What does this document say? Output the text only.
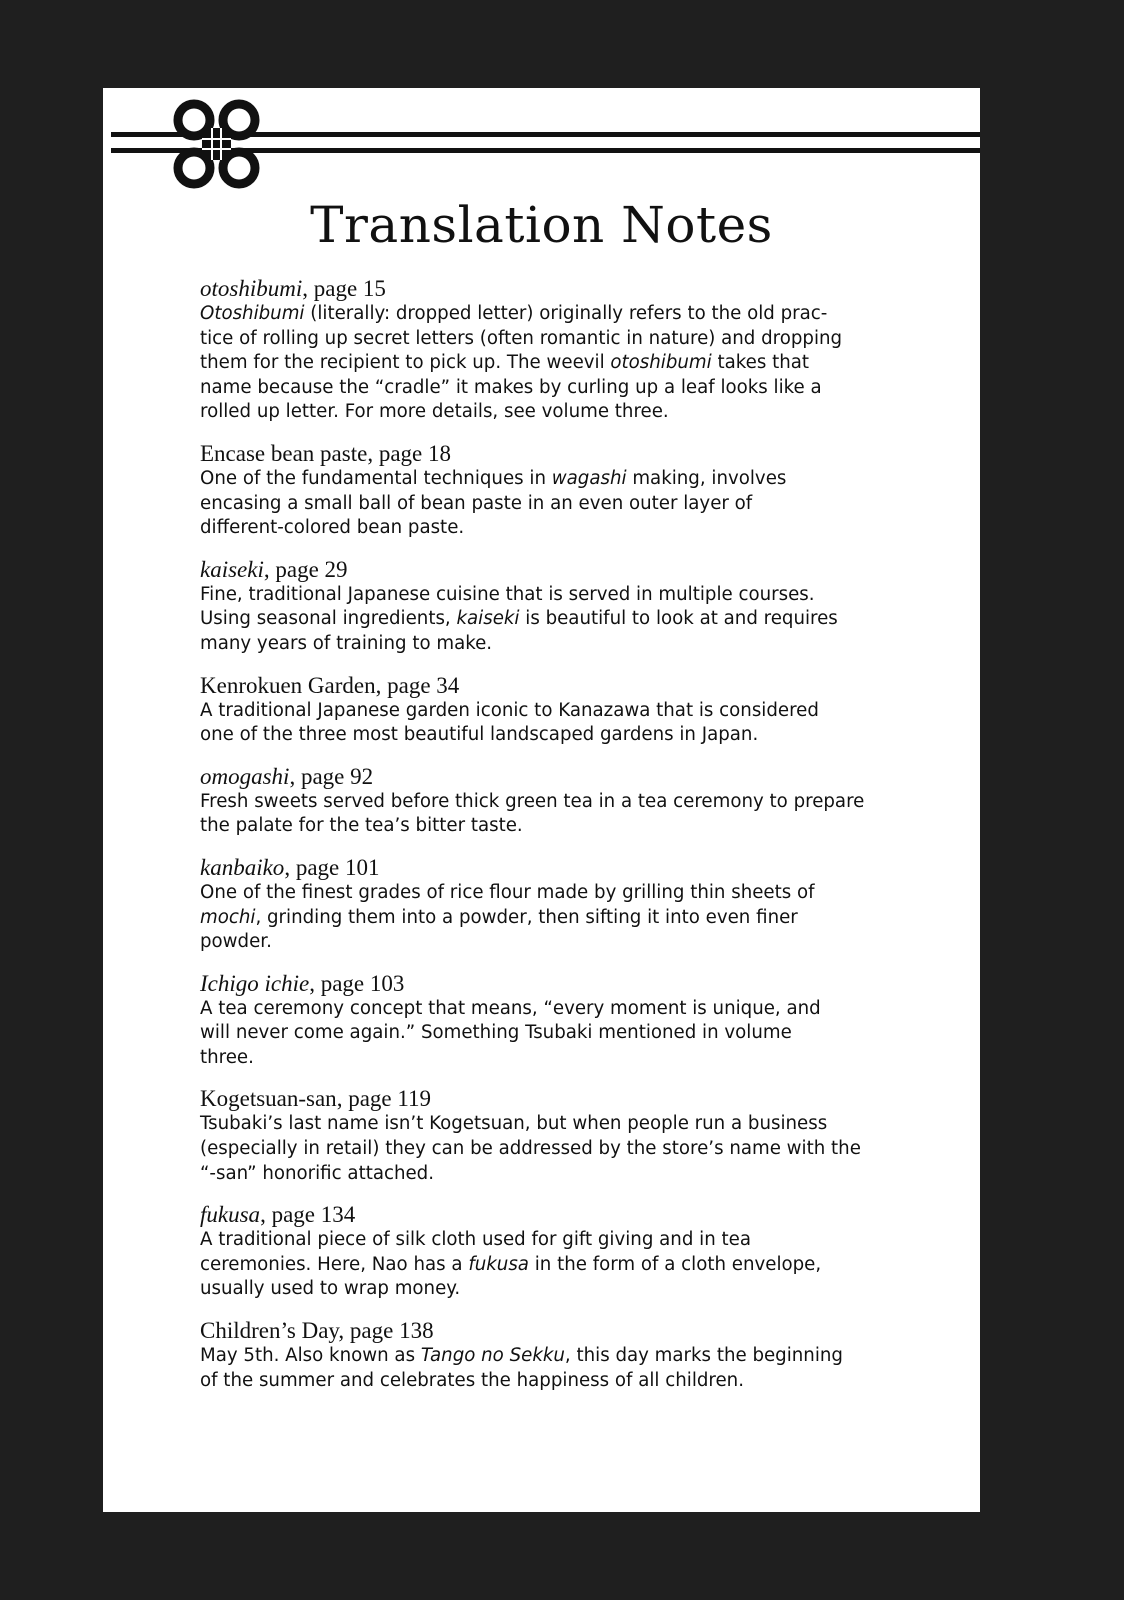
Translation Notes
otoshibumi, page 15
Otoshibumi (literally: dropped letter) originally refers to the old prac-
tice of rolling up secret letters (often romantic in nature) and dropping
them for the recipient to pick up. The weevil otoshibumi takes that
name because the “cradle” it makes by curling up a leaf looks like a
rolled up letter. For more details, see volume three.
Encase bean paste, page 18
One of the fundamental techniques in wagashi making, involves
encasing a small ball of bean paste in an even outer layer of
different-colored bean paste.
kaiseki, page 29
Fine, traditional Japanese cuisine that is served in multiple courses.
Using seasonal ingredients, kaiseki is beautiful to look at and requires
many years of training to make.
Kenrokuen Garden, page 34
A traditional Japanese garden iconic to Kanazawa that is considered
one of the three most beautiful landscaped gardens in Japan.
omogashi, page 92
Fresh sweets served before thick green tea in a tea ceremony to prepare
the palate for the tea’s bitter taste.
kanbaiko, page 101
One of the finest grades of rice flour made by grilling thin sheets of
mochi, grinding them into a powder, then sifting it into even finer
powder.
Ichigo ichie, page 103
A tea ceremony concept that means, “every moment is unique, and
will never come again.” Something Tsubaki mentioned in volume
three.
Kogetsuan-san, page 119
Tsubaki’s last name isn’t Kogetsuan, but when people run a business
(especially in retail) they can be addressed by the store’s name with the
“-san” honorific attached.
fukusa, page 134
A traditional piece of silk cloth used for gift giving and in tea
ceremonies. Here, Nao has a fukusa in the form of a cloth envelope,
usually used to wrap money.
Children’s Day, page 138
May 5th. Also known as Tango no Sekku, this day marks the beginning
of the summer and celebrates the happiness of all children.
